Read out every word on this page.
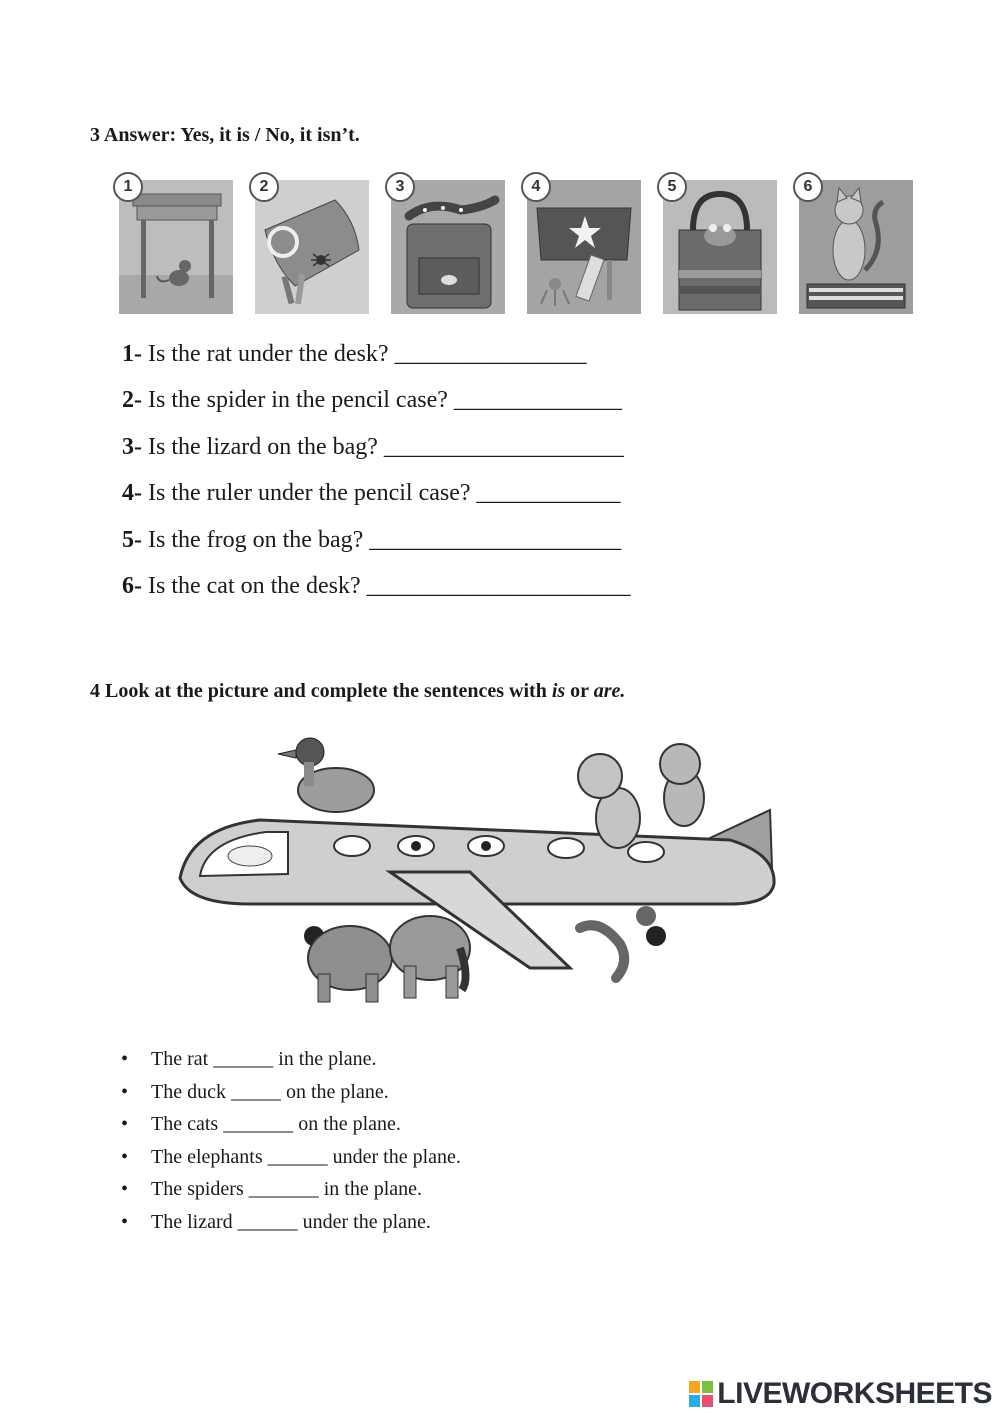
3 Answer: Yes, it is / No, it isn’t.
1	2	3	4	5	6
1- Is the rat under the desk? ________________
2- Is the spider in the pencil case? ______________
3- Is the lizard on the bag? ____________________
4- Is the ruler under the pencil case? ____________
5- Is the frog on the bag? _____________________
6- Is the cat on the desk? ______________________
4 Look at the picture and complete the sentences with is or are.
• The rat ______ in the plane.
• The duck _____ on the plane.
• The cats _______ on the plane.
• The elephants ______ under the plane.
• The spiders _______ in the plane.
• The lizard ______ under the plane.
LIVEWORKSHEETS
